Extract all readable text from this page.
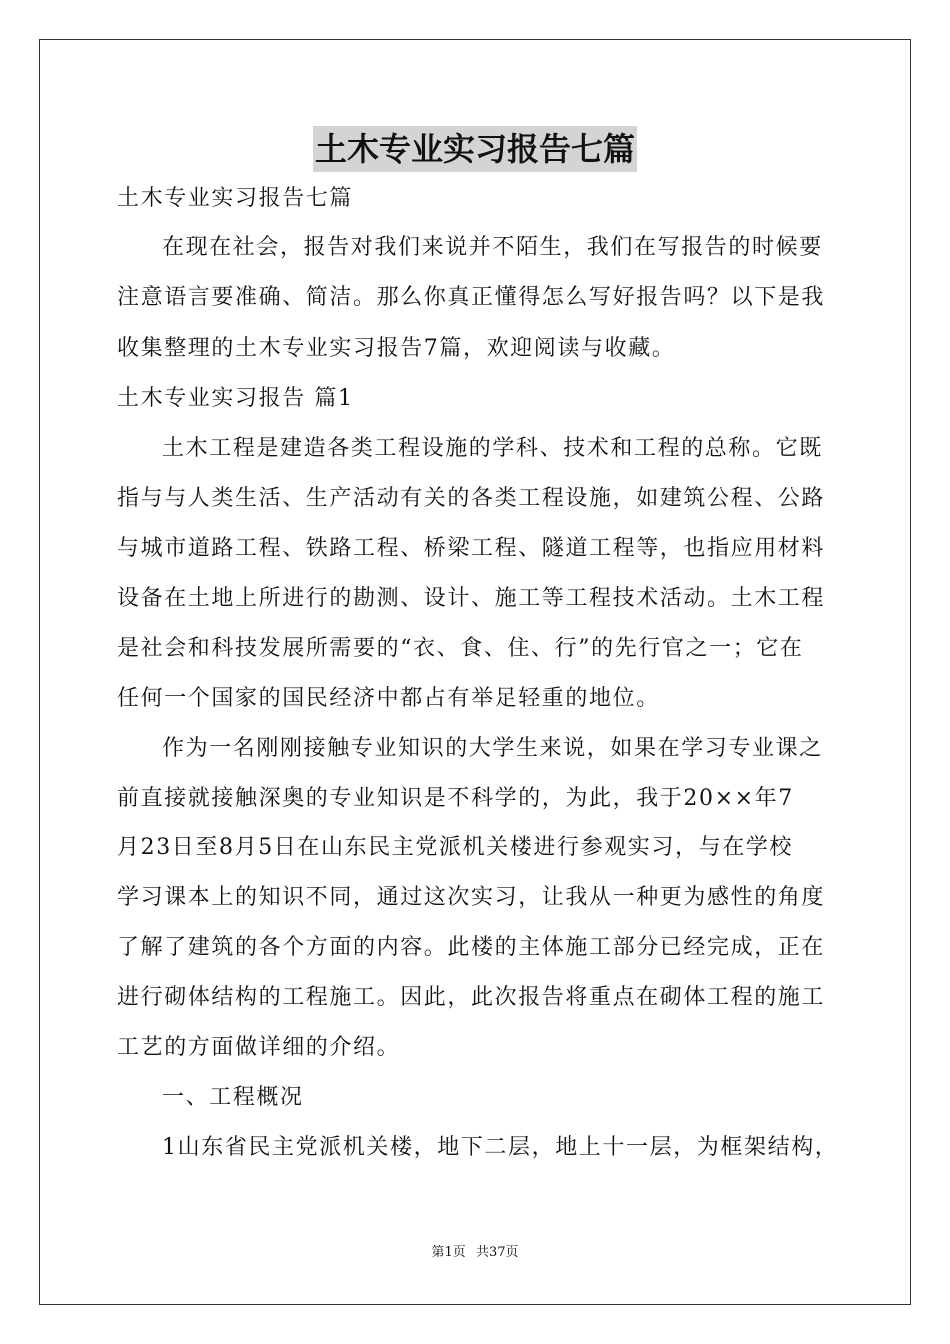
土木专业实习报告七篇
土木专业实习报告七篇
在现在社会，报告对我们来说并不陌生，我们在写报告的时候要
注意语言要准确、简洁。那么你真正懂得怎么写好报告吗？以下是我
收集整理的土木专业实习报告7篇，欢迎阅读与收藏。
土木专业实习报告 篇1
土木工程是建造各类工程设施的学科、技术和工程的总称。它既
指与与人类生活、生产活动有关的各类工程设施，如建筑公程、公路
与城市道路工程、铁路工程、桥梁工程、隧道工程等，也指应用材料
设备在土地上所进行的勘测、设计、施工等工程技术活动。土木工程
是社会和科技发展所需要的“衣、食、住、行”的先行官之一；它在
任何一个国家的国民经济中都占有举足轻重的地位。
作为一名刚刚接触专业知识的大学生来说，如果在学习专业课之
前直接就接触深奥的专业知识是不科学的，为此，我于20××年7
月23日至8月5日在山东民主党派机关楼进行参观实习，与在学校
学习课本上的知识不同，通过这次实习，让我从一种更为感性的角度
了解了建筑的各个方面的内容。此楼的主体施工部分已经完成，正在
进行砌体结构的工程施工。因此，此次报告将重点在砌体工程的施工
工艺的方面做详细的介绍。
一、工程概况
1山东省民主党派机关楼，地下二层，地上十一层，为框架结构，
第1页 共37页
